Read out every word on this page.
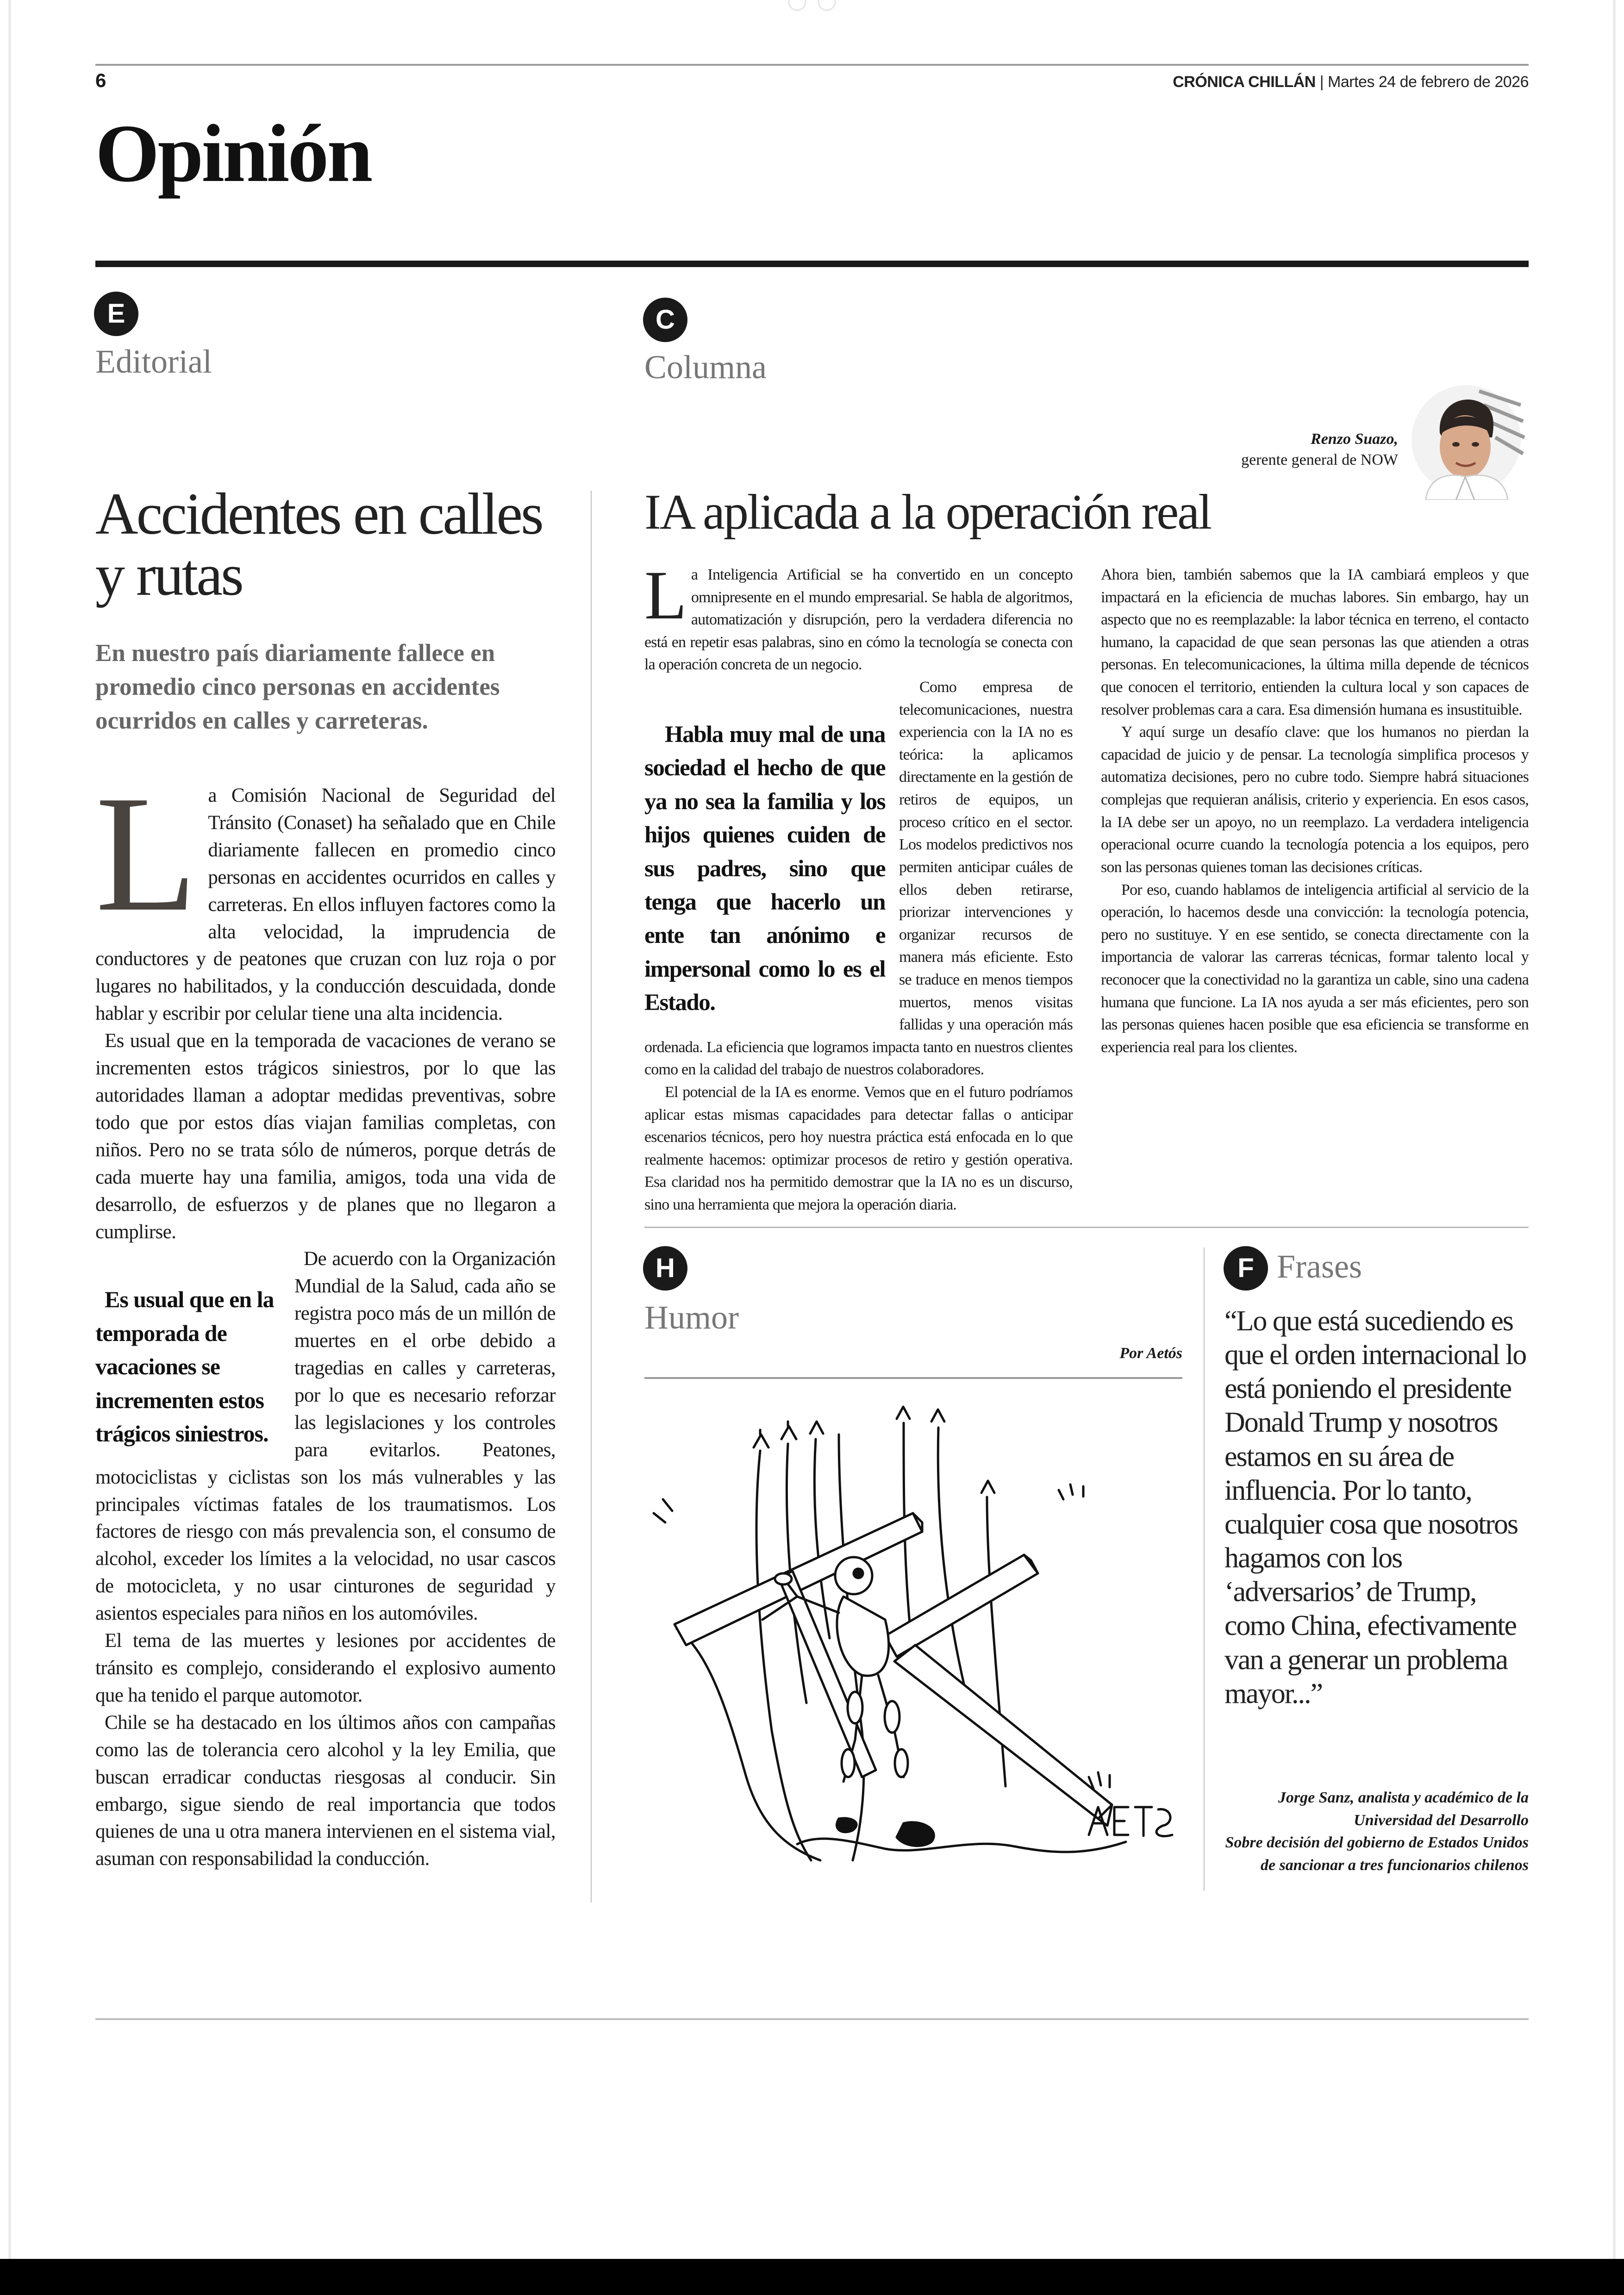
6	CRÓNICA CHILLÁN | Martes 24 de febrero de 2026
Opinión
E
Editorial
Accidentes en calles y rutas

En nuestro país diariamente fallece en promedio cinco personas en accidentes ocurridos en calles y carreteras.

La Comisión Nacional de Seguridad del Tránsito (Conaset) ha señalado que en Chile diariamente fallecen en promedio cinco personas en accidentes ocurridos en calles y carreteras. En ellos influyen factores como la alta velocidad, la imprudencia de conductores y de peatones que cruzan con luz roja o por lugares no habilitados, y la conducción descuidada, donde hablar y escribir por celular tiene una alta incidencia.

Es usual que en la temporada de vacaciones de verano se incrementen estos trágicos siniestros, por lo que las autoridades llaman a adoptar medidas preventivas, sobre todo que por estos días viajan familias completas, con niños. Pero no se trata sólo de números, porque detrás de cada muerte hay una familia, amigos, toda una vida de desarrollo, de esfuerzos y de planes que no llegaron a cumplirse.

Es usual que en la temporada de vacaciones se incrementen estos trágicos siniestros.
De acuerdo con la Organización Mundial de la Salud, cada año se registra poco más de un millón de muertes en el orbe debido a tragedias en calles y carreteras, por lo que es necesario reforzar las legislaciones y los controles para evitarlos. Peatones, motociclistas y ciclistas son los más vulnerables y las principales víctimas fatales de los traumatismos. Los factores de riesgo con más prevalencia son, el consumo de alcohol, exceder los límites a la velocidad, no usar cascos de motocicleta, y no usar cinturones de seguridad y asientos especiales para niños en los automóviles.

El tema de las muertes y lesiones por accidentes de tránsito es complejo, considerando el explosivo aumento que ha tenido el parque automotor.

Chile se ha destacado en los últimos años con campañas como las de tolerancia cero alcohol y la ley Emilia, que buscan erradicar conductas riesgosas al conducir. Sin embargo, sigue siendo de real importancia que todos quienes de una u otra manera intervienen en el sistema vial, asuman con responsabilidad la conducción.

C
Columna
Renzo Suazo,
gerente general de NOW
IA aplicada a la operación real

La Inteligencia Artificial se ha convertido en un concepto omnipresente en el mundo empresarial. Se habla de algoritmos, automatización y disrupción, pero la verdadera diferencia no está en repetir esas palabras, sino en cómo la tecnología se conecta con la operación concreta de un negocio.

Habla muy mal de una sociedad el hecho de que ya no sea la familia y los hijos quienes cuiden de sus padres, sino que tenga que hacerlo un ente tan anónimo e impersonal como lo es el Estado.
Como empresa de telecomunicaciones, nuestra experiencia con la IA no es teórica: la aplicamos directamente en la gestión de retiros de equipos, un proceso crítico en el sector. Los modelos predictivos nos permiten anticipar cuáles de ellos deben retirarse, priorizar intervenciones y organizar recursos de manera más eficiente. Esto se traduce en menos tiempos muertos, menos visitas fallidas y una operación más ordenada. La eficiencia que logramos impacta tanto en nuestros clientes como en la calidad del trabajo de nuestros colaboradores.

El potencial de la IA es enorme. Vemos que en el futuro podríamos aplicar estas mismas capacidades para detectar fallas o anticipar escenarios técnicos, pero hoy nuestra práctica está enfocada en lo que realmente hacemos: optimizar procesos de retiro y gestión operativa. Esa claridad nos ha permitido demostrar que la IA no es un discurso, sino una herramienta que mejora la operación diaria.

Ahora bien, también sabemos que la IA cambiará empleos y que impactará en la eficiencia de muchas labores. Sin embargo, hay un aspecto que no es reemplazable: la labor técnica en terreno, el contacto humano, la capacidad de que sean personas las que atienden a otras personas. En telecomunicaciones, la última milla depende de técnicos que conocen el territorio, entienden la cultura local y son capaces de resolver problemas cara a cara. Esa dimensión humana es insustituible.

Y aquí surge un desafío clave: que los humanos no pierdan la capacidad de juicio y de pensar. La tecnología simplifica procesos y automatiza decisiones, pero no cubre todo. Siempre habrá situaciones complejas que requieran análisis, criterio y experiencia. En esos casos, la IA debe ser un apoyo, no un reemplazo. La verdadera inteligencia operacional ocurre cuando la tecnología potencia a los equipos, pero son las personas quienes toman las decisiones críticas.

Por eso, cuando hablamos de inteligencia artificial al servicio de la operación, lo hacemos desde una convicción: la tecnología potencia, pero no sustituye. Y en ese sentido, se conecta directamente con la importancia de valorar las carreras técnicas, formar talento local y reconocer que la conectividad no la garantiza un cable, sino una cadena humana que funcione. La IA nos ayuda a ser más eficientes, pero son las personas quienes hacen posible que esa eficiencia se transforme en experiencia real para los clientes.

H
Humor
Por Aetós
F Frases

“Lo que está sucediendo es que el orden internacional lo está poniendo el presidente Donald Trump y nosotros estamos en su área de influencia. Por lo tanto, cualquier cosa que nosotros hagamos con los ‘adversarios’ de Trump, como China, efectivamente van a generar un problema mayor...”

Jorge Sanz, analista y académico de la Universidad del Desarrollo
Sobre decisión del gobierno de Estados Unidos de sancionar a tres funcionarios chilenos
